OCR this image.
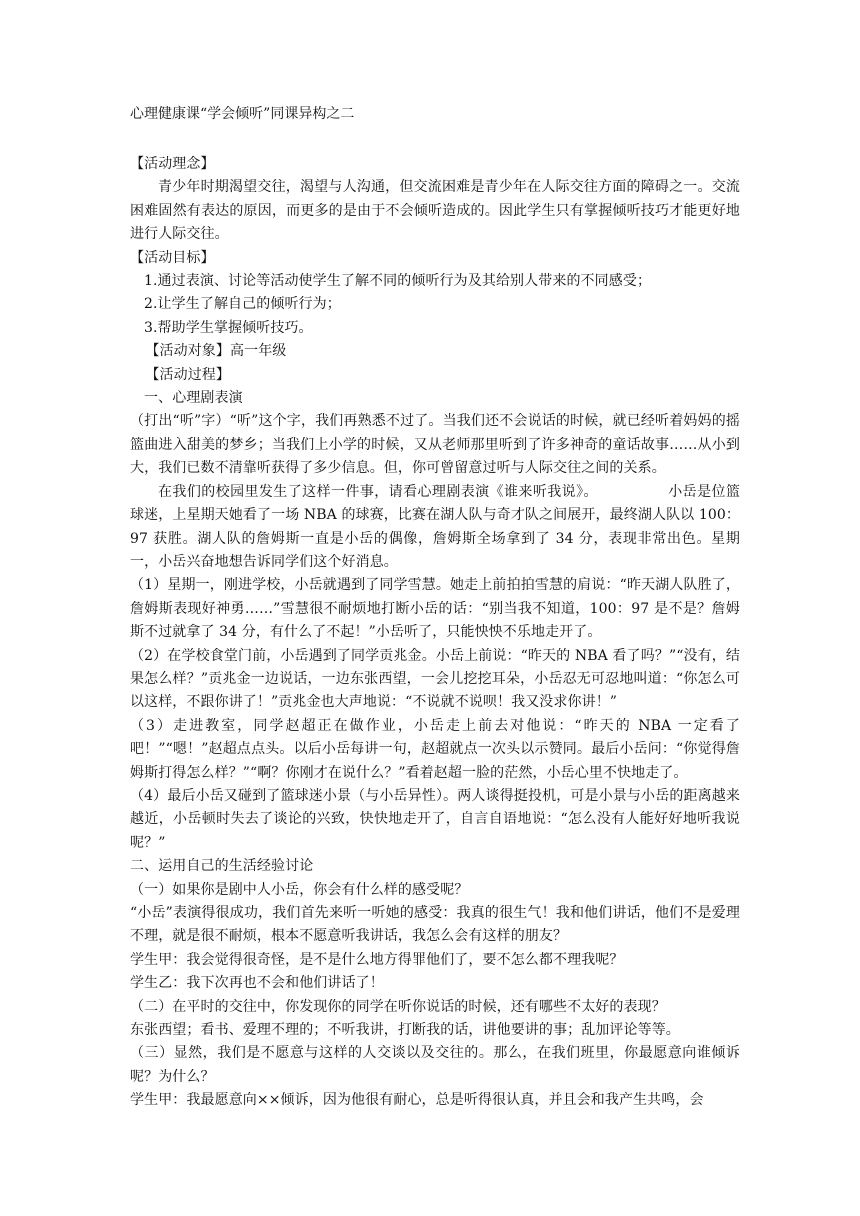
心理健康课“学会倾听”同课异构之二

【活动理念】

青少年时期渴望交往，渴望与人沟通，但交流困难是青少年在人际交往方面的障碍之一。交流困难固然有表达的原因，而更多的是由于不会倾听造成的。因此学生只有掌握倾听技巧才能更好地进行人际交往。

【活动目标】

1.通过表演、讨论等活动使学生了解不同的倾听行为及其给别人带来的不同感受；

2.让学生了解自己的倾听行为；

3.帮助学生掌握倾听技巧。

【活动对象】高一年级

【活动过程】

一、心理剧表演

（打出“听”字）“听”这个字，我们再熟悉不过了。当我们还不会说话的时候，就已经听着妈妈的摇篮曲进入甜美的梦乡；当我们上小学的时候，又从老师那里听到了许多神奇的童话故事……从小到大，我们已数不清靠听获得了多少信息。但，你可曾留意过听与人际交往之间的关系。

在我们的校园里发生了这样一件事，请看心理剧表演《谁来听我说》。	小岳是位篮球迷，上星期天她看了一场 NBA 的球赛，比赛在湖人队与奇才队之间展开，最终湖人队以 100：97 获胜。湖人队的詹姆斯一直是小岳的偶像，詹姆斯全场拿到了 34 分，表现非常出色。星期一，小岳兴奋地想告诉同学们这个好消息。

（1）星期一，刚进学校，小岳就遇到了同学雪慧。她走上前拍拍雪慧的肩说：“昨天湖人队胜了，詹姆斯表现好神勇……”雪慧很不耐烦地打断小岳的话：“别当我不知道，100：97 是不是？詹姆斯不过就拿了 34 分，有什么了不起！”小岳听了，只能怏怏不乐地走开了。

（2）在学校食堂门前，小岳遇到了同学贡兆金。小岳上前说：“昨天的 NBA 看了吗？”“没有，结果怎么样？”贡兆金一边说话，一边东张西望，一会儿挖挖耳朵，小岳忍无可忍地叫道：“你怎么可以这样，不跟你讲了！”贡兆金也大声地说：“不说就不说呗！我又没求你讲！”

（3）走进教室，同学赵超正在做作业，小岳走上前去对他说：“昨天的 NBA 一定看了吧！”“嗯！”赵超点点头。以后小岳每讲一句，赵超就点一次头以示赞同。最后小岳问：“你觉得詹姆斯打得怎么样？”“啊？你刚才在说什么？”看着赵超一脸的茫然，小岳心里不快地走了。

（4）最后小岳又碰到了篮球迷小景（与小岳异性）。两人谈得挺投机，可是小景与小岳的距离越来越近，小岳顿时失去了谈论的兴致，快快地走开了，自言自语地说：“怎么没有人能好好地听我说呢？”

二、运用自己的生活经验讨论

（一）如果你是剧中人小岳，你会有什么样的感受呢？

“小岳”表演得很成功，我们首先来听一听她的感受：我真的很生气！我和他们讲话，他们不是爱理不理，就是很不耐烦，根本不愿意听我讲话，我怎么会有这样的朋友？

学生甲：我会觉得很奇怪，是不是什么地方得罪他们了，要不怎么都不理我呢？

学生乙：我下次再也不会和他们讲话了！

（二）在平时的交往中，你发现你的同学在听你说话的时候，还有哪些不太好的表现？

东张西望；看书、爱理不理的；不听我讲，打断我的话，讲他要讲的事；乱加评论等等。

（三）显然，我们是不愿意与这样的人交谈以及交往的。那么，在我们班里，你最愿意向谁倾诉呢？为什么？

学生甲：我最愿意向××倾诉，因为他很有耐心，总是听得很认真，并且会和我产生共鸣，会
